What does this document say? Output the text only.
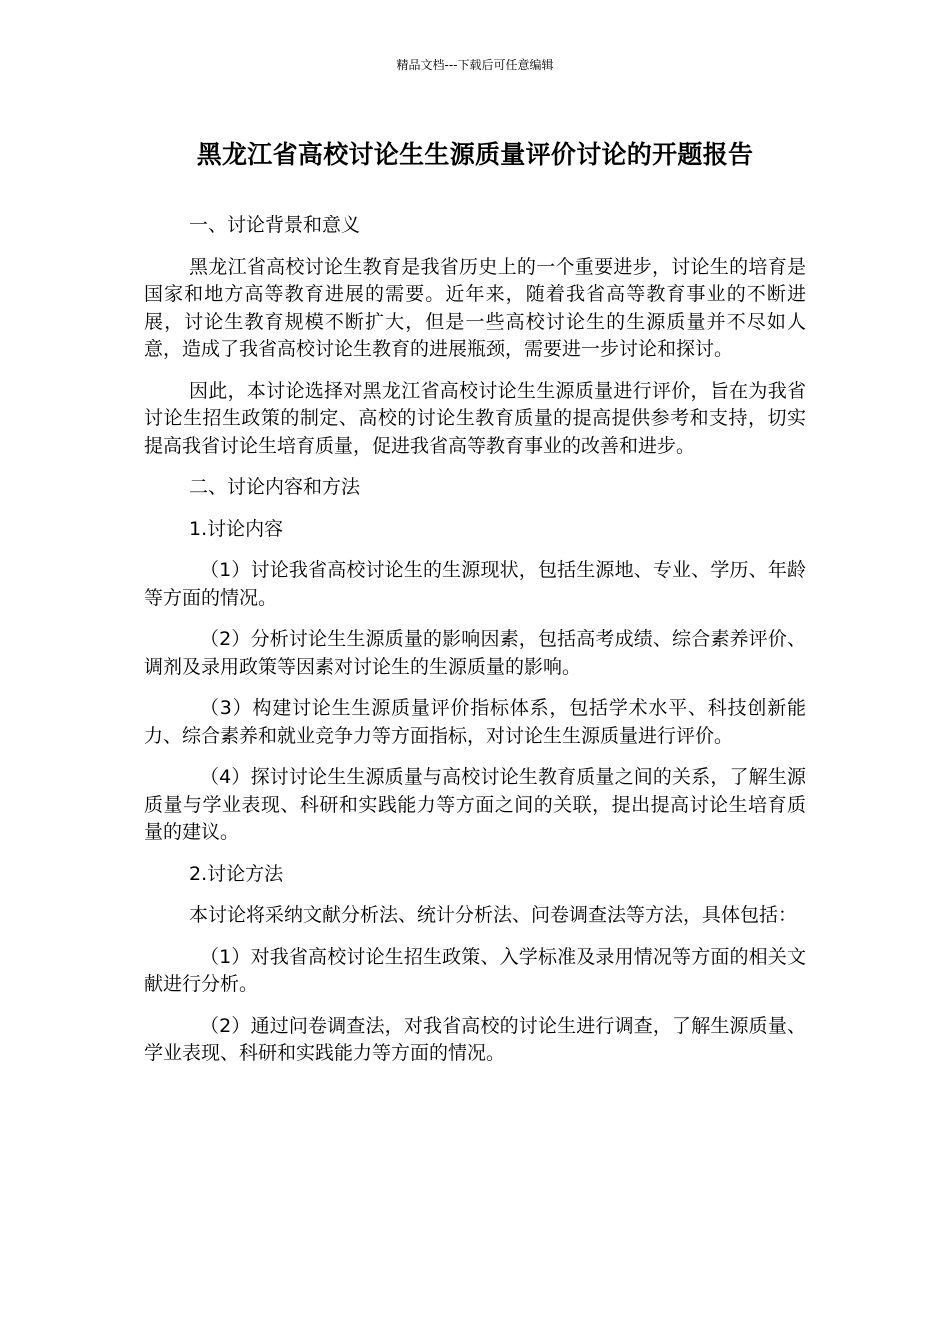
精品文档---下载后可任意编辑
黑龙江省高校讨论生生源质量评价讨论的开题报告

一、讨论背景和意义

黑龙江省高校讨论生教育是我省历史上的一个重要进步，讨论生的培育是国家和地方高等教育进展的需要。近年来，随着我省高等教育事业的不断进展，讨论生教育规模不断扩大，但是一些高校讨论生的生源质量并不尽如人意，造成了我省高校讨论生教育的进展瓶颈，需要进一步讨论和探讨。

因此，本讨论选择对黑龙江省高校讨论生生源质量进行评价，旨在为我省讨论生招生政策的制定、高校的讨论生教育质量的提高提供参考和支持，切实提高我省讨论生培育质量，促进我省高等教育事业的改善和进步。

二、讨论内容和方法

1.讨论内容

（1）讨论我省高校讨论生的生源现状，包括生源地、专业、学历、年龄等方面的情况。

（2）分析讨论生生源质量的影响因素，包括高考成绩、综合素养评价、调剂及录用政策等因素对讨论生的生源质量的影响。

（3）构建讨论生生源质量评价指标体系，包括学术水平、科技创新能力、综合素养和就业竞争力等方面指标，对讨论生生源质量进行评价。

（4）探讨讨论生生源质量与高校讨论生教育质量之间的关系，了解生源质量与学业表现、科研和实践能力等方面之间的关联，提出提高讨论生培育质量的建议。

2.讨论方法

本讨论将采纳文献分析法、统计分析法、问卷调查法等方法，具体包括：

（1）对我省高校讨论生招生政策、入学标准及录用情况等方面的相关文献进行分析。

（2）通过问卷调查法，对我省高校的讨论生进行调查，了解生源质量、学业表现、科研和实践能力等方面的情况。
